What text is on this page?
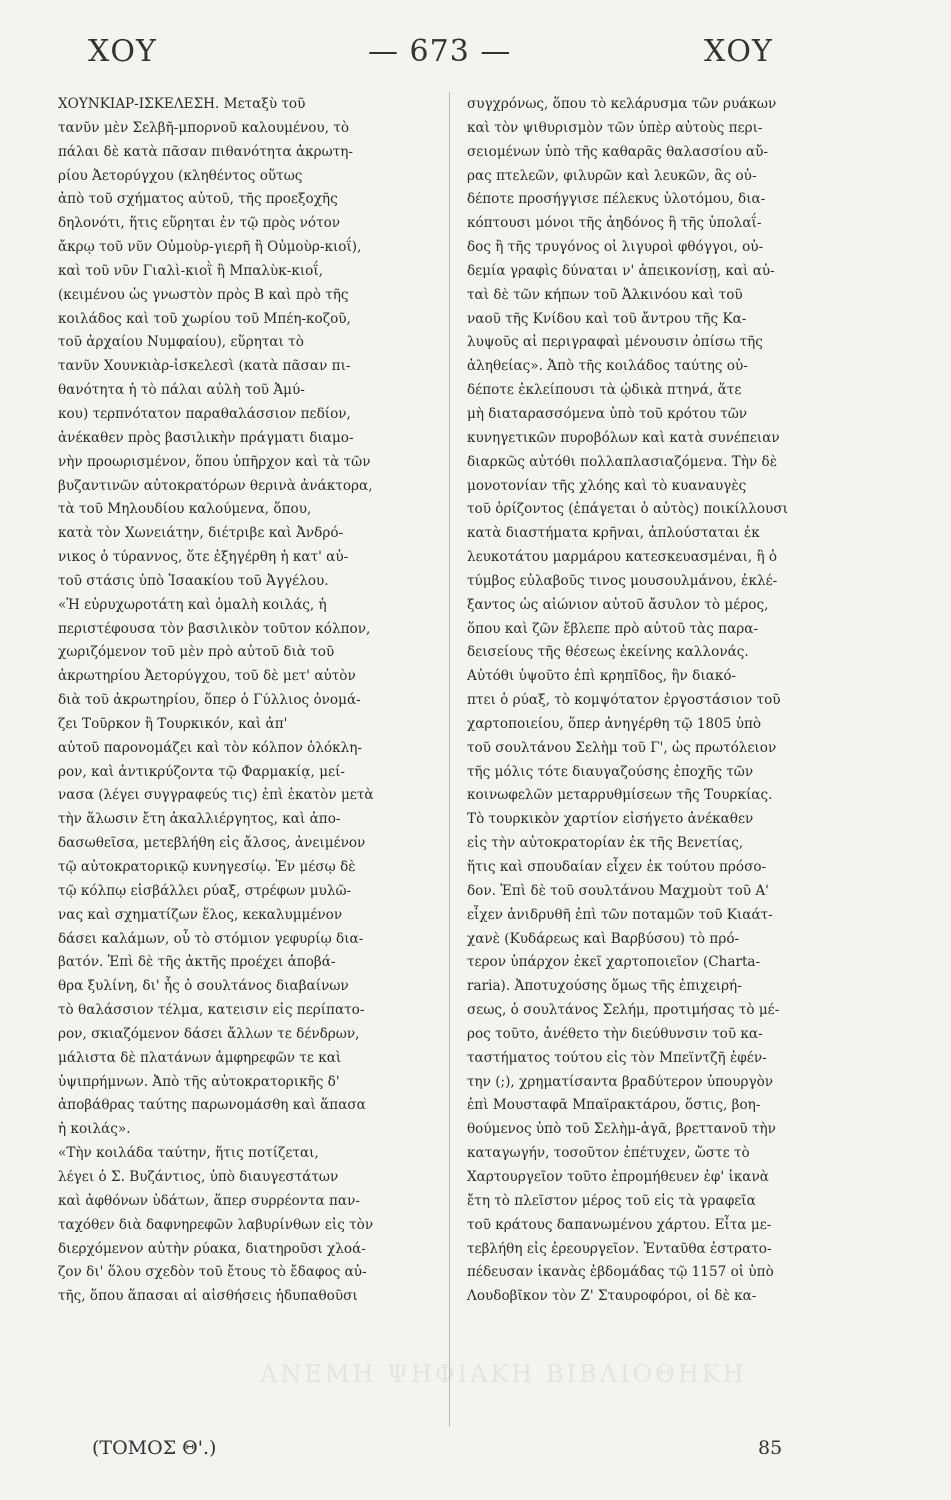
ΧΟΥ	— 673 —	ΧΟΥ
ΧΟΥΝΚΙΑΡ-ΙΣΚΕΛΕΣΗ. Μεταξὺ τοῦ
τανῦν μὲν Σελβῆ-μπορνοῦ καλουμένου, τὸ
πάλαι δὲ κατὰ πᾶσαν πιθανότητα ἀκρωτη-
ρίου Ἀετορύγχου (κληθέντος οὕτως
ἀπὸ τοῦ σχήματος αὐτοῦ, τῆς προεξοχῆς
δηλονότι, ἥτις εὕρηται ἐν τῷ πρὸς νότον
ἄκρῳ τοῦ νῦν Οὐμοὺρ-γιερῆ ἢ Οὐμοὺρ-κιοΐ),
καὶ τοῦ νῦν Γιαλὶ-κιοῒ ἢ Μπαλὺκ-κιοΐ,
(κειμένου ὡς γνωστὸν πρὸς Β καὶ πρὸ τῆς
κοιλάδος καὶ τοῦ χωρίου τοῦ Μπέη-κοζοῦ,
τοῦ ἀρχαίου Νυμφαίου), εὕρηται τὸ
τανῦν Χουνκιὰρ-ἰσκελεσὶ (κατὰ πᾶσαν πι-
θανότητα ἡ τὸ πάλαι αὐλὴ τοῦ Ἀμύ-
κου) τερπνότατον παραθαλάσσιον πεδίον,
ἀνέκαθεν πρὸς βασιλικὴν πράγματι διαμο-
νὴν προωρισμένον, ὅπου ὑπῆρχον καὶ τὰ τῶν
βυζαντινῶν αὐτοκρατόρων θερινὰ ἀνάκτορα,
τὰ τοῦ Μηλουδίου καλούμενα, ὅπου,
κατὰ τὸν Χωνειάτην, διέτριβε καὶ Ἀνδρό-
νικος ὁ τύραννος, ὅτε ἐξηγέρθη ἡ κατ' αὐ-
τοῦ στάσις ὑπὸ Ἰσαακίου τοῦ Ἀγγέλου.
«Ἡ εὐρυχωροτάτη καὶ ὁμαλὴ κοιλάς, ἡ
περιστέφουσα τὸν βασιλικὸν τοῦτον κόλπον,
χωριζόμενον τοῦ μὲν πρὸ αὐτοῦ διὰ τοῦ
ἀκρωτηρίου Ἀετορύγχου, τοῦ δὲ μετ' αὐτὸν
διὰ τοῦ ἀκρωτηρίου, ὅπερ ὁ Γύλλιος ὀνομά-
ζει Τοῦρκον ἢ Τουρκικόν, καὶ ἀπ'
αὐτοῦ παρονομάζει καὶ τὸν κόλπον ὁλόκλη-
ρον, καὶ ἀντικρύζοντα τῷ Φαρμακίᾳ, μεί-
νασα (λέγει συγγραφεύς τις) ἐπὶ ἑκατὸν μετὰ
τὴν ἅλωσιν ἔτη ἀκαλλιέργητος, καὶ ἀπο-
δασωθεῖσα, μετεβλήθη εἰς ἄλσος, ἀνειμένον
τῷ αὐτοκρατορικῷ κυνηγεσίῳ. Ἐν μέσῳ δὲ
τῷ κόλπῳ εἰσβάλλει ρύαξ, στρέφων μυλῶ-
νας καὶ σχηματίζων ἕλος, κεκαλυμμένον
δάσει καλάμων, οὗ τὸ στόμιον γεφυρίῳ δια-
βατόν. Ἐπὶ δὲ τῆς ἀκτῆς προέχει ἀποβά-
θρα ξυλίνη, δι' ἧς ὁ σουλτάνος διαβαίνων
τὸ θαλάσσιον τέλμα, κατεισιν εἰς περίπατο-
ρον, σκιαζόμενον δάσει ἄλλων τε δένδρων,
μάλιστα δὲ πλατάνων ἀμφηρεφῶν τε καὶ
ὑψιπρήμνων. Ἀπὸ τῆς αὐτοκρατορικῆς δ'
ἀποβάθρας ταύτης παρωνομάσθη καὶ ἅπασα
ἡ κοιλάς».
«Τὴν κοιλάδα ταύτην, ἥτις ποτίζεται,
λέγει ὁ Σ. Βυζάντιος, ὑπὸ διαυγεστάτων
καὶ ἀφθόνων ὑδάτων, ἅπερ συρρέοντα παν-
ταχόθεν διὰ δαφνηρεφῶν λαβυρίνθων εἰς τὸν
διερχόμενον αὐτὴν ρύακα, διατηροῦσι χλοά-
ζον δι' ὅλου σχεδὸν τοῦ ἔτους τὸ ἔδαφος αὐ-
τῆς, ὅπου ἅπασαι αἱ αἰσθήσεις ἡδυπαθοῦσι
συγχρόνως, ὅπου τὸ κελάρυσμα τῶν ρυάκων
καὶ τὸν ψιθυρισμὸν τῶν ὑπὲρ αὐτοὺς περι-
σειομένων ὑπὸ τῆς καθαρᾶς θαλασσίου αὔ-
ρας πτελεῶν, φιλυρῶν καὶ λευκῶν, ἃς οὐ-
δέποτε προσήγγισε πέλεκυς ὑλοτόμου, δια-
κόπτουσι μόνοι τῆς ἀηδόνος ἢ τῆς ὑπολαΐ-
δος ἢ τῆς τρυγόνος οἱ λιγυροὶ φθόγγοι, οὐ-
δεμία γραφὶς δύναται ν' ἀπεικονίσῃ, καὶ αὐ-
ταὶ δὲ τῶν κήπων τοῦ Ἀλκινόου καὶ τοῦ
ναοῦ τῆς Κνίδου καὶ τοῦ ἄντρου τῆς Κα-
λυψοῦς αἱ περιγραφαὶ μένουσιν ὀπίσω τῆς
ἀληθείας». Ἀπὸ τῆς κοιλάδος ταύτης οὐ-
δέποτε ἐκλείπουσι τὰ ᾠδικὰ πτηνά, ἅτε
μὴ διαταρασσόμενα ὑπὸ τοῦ κρότου τῶν
κυνηγετικῶν πυροβόλων καὶ κατὰ συνέπειαν
διαρκῶς αὐτόθι πολλαπλασιαζόμενα. Τὴν δὲ
μονοτονίαν τῆς χλόης καὶ τὸ κυαναυγὲς
τοῦ ὁρίζοντος (ἐπάγεται ὁ αὐτὸς) ποικίλλουσι
κατὰ διαστήματα κρῆναι, ἁπλούσταται ἐκ
λευκοτάτου μαρμάρου κατεσκευασμέναι, ἢ ὁ
τύμβος εὐλαβοῦς τινος μουσουλμάνου, ἐκλέ-
ξαντος ὡς αἰώνιον αὐτοῦ ἄσυλον τὸ μέρος,
ὅπου καὶ ζῶν ἔβλεπε πρὸ αὐτοῦ τὰς παρα-
δεισείους τῆς θέσεως ἐκείνης καλλονάς.
Αὐτόθι ὑψοῦτο ἐπὶ κρηπῖδος, ἣν διακό-
πτει ὁ ρύαξ, τὸ κομψότατον ἐργοστάσιον τοῦ
χαρτοποιείου, ὅπερ ἀνηγέρθη τῷ 1805 ὑπὸ
τοῦ σουλτάνου Σελὴμ τοῦ Γ', ὡς πρωτόλειον
τῆς μόλις τότε διαυγαζούσης ἐποχῆς τῶν
κοινωφελῶν μεταρρυθμίσεων τῆς Τουρκίας.
Τὸ τουρκικὸν χαρτίον εἰσήγετο ἀνέκαθεν
εἰς τὴν αὐτοκρατορίαν ἐκ τῆς Βενετίας,
ἥτις καὶ σπουδαίαν εἶχεν ἐκ τούτου πρόσο-
δον. Ἐπὶ δὲ τοῦ σουλτάνου Μαχμοὺτ τοῦ Α'
εἶχεν ἀνιδρυθῆ ἐπὶ τῶν ποταμῶν τοῦ Κιαάτ-
χανὲ (Κυδάρεως καὶ Βαρβύσου) τὸ πρό-
τερον ὑπάρχον ἐκεῖ χαρτοποιεῖον (Charta-
raria). Ἀποτυχούσης ὅμως τῆς ἐπιχειρή-
σεως, ὁ σουλτάνος Σελήμ, προτιμήσας τὸ μέ-
ρος τοῦτο, ἀνέθετο τὴν διεύθυνσιν τοῦ κα-
ταστήματος τούτου εἰς τὸν Μπεϊντζῆ ἐφέν-
την (;), χρηματίσαντα βραδύτερον ὑπουργὸν
ἐπὶ Μουσταφᾶ Μπαϊρακτάρου, ὅστις, βοη-
θούμενος ὑπὸ τοῦ Σελὴμ-ἀγᾶ, βρεττανοῦ τὴν
καταγωγήν, τοσοῦτον ἐπέτυχεν, ὥστε τὸ
Χαρτουργεῖον τοῦτο ἐπρομήθευεν ἐφ' ἱκανὰ
ἔτη τὸ πλεῖστον μέρος τοῦ εἰς τὰ γραφεῖα
τοῦ κράτους δαπανωμένου χάρτου. Εἶτα με-
τεβλήθη εἰς ἐρεουργεῖον. Ἐνταῦθα ἐστρατο-
πέδευσαν ἱκανὰς ἑβδομάδας τῷ 1157 οἱ ὑπὸ
Λουδοβῖκον τὸν Ζ' Σταυροφόροι, οἱ δὲ κα-
ΑΝΕΜΗ ΨΗΦΙΑΚΗ ΒΙΒΛΙΟΘΗΚΗ
(ΤΟΜΟΣ Θ'.)	85
